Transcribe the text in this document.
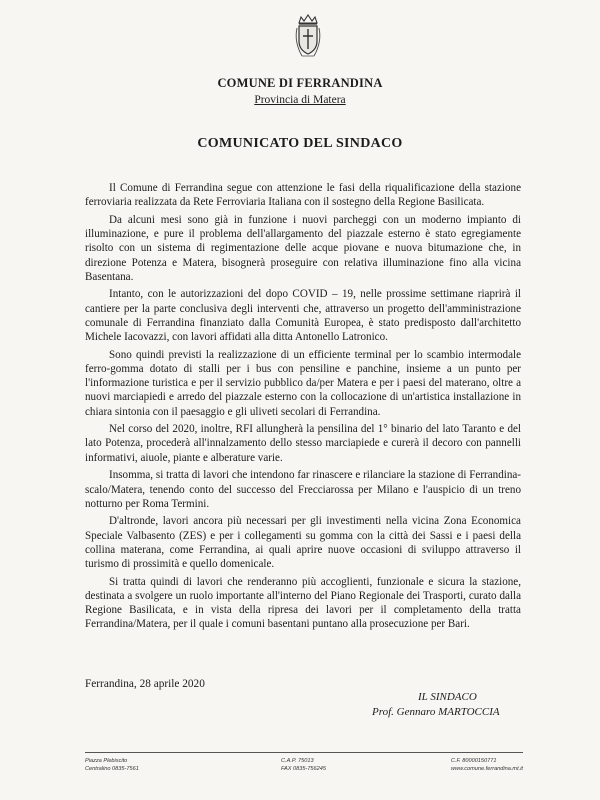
COMUNE DI FERRANDINA
Provincia di Matera
COMUNICATO DEL SINDACO

Il Comune di Ferrandina segue con attenzione le fasi della riqualificazione della stazione ferroviaria realizzata da Rete Ferroviaria Italiana con il sostegno della Regione Basilicata.

Da alcuni mesi sono già in funzione i nuovi parcheggi con un moderno impianto di illuminazione, e pure il problema dell'allargamento del piazzale esterno è stato egregiamente risolto con un sistema di regimentazione delle acque piovane e nuova bitumazione che, in direzione Potenza e Matera, bisognerà proseguire con relativa illuminazione fino alla vicina Basentana.

Intanto, con le autorizzazioni del dopo COVID – 19, nelle prossime settimane riaprirà il cantiere per la parte conclusiva degli interventi che, attraverso un progetto dell'amministrazione comunale di Ferrandina finanziato dalla Comunità Europea, è stato predisposto dall'architetto Michele Iacovazzi, con lavori affidati alla ditta Antonello Latronico.

Sono quindi previsti la realizzazione di un efficiente terminal per lo scambio intermodale ferro-gomma dotato di stalli per i bus con pensiline e panchine, insieme a un punto per l'informazione turistica e per il servizio pubblico da/per Matera e per i paesi del materano, oltre a nuovi marciapiedi e arredo del piazzale esterno con la collocazione di un'artistica installazione in chiara sintonia con il paesaggio e gli uliveti secolari di Ferrandina.

Nel corso del 2020, inoltre, RFI allungherà la pensilina del 1° binario del lato Taranto e del lato Potenza, procederà all'innalzamento dello stesso marciapiede e curerà il decoro con pannelli informativi, aiuole, piante e alberature varie.

Insomma, si tratta di lavori che intendono far rinascere e rilanciare la stazione di Ferrandina-scalo/Matera, tenendo conto del successo del Frecciarossa per Milano e l'auspicio di un treno notturno per Roma Termini.

D'altronde, lavori ancora più necessari per gli investimenti nella vicina Zona Economica Speciale Valbasento (ZES) e per i collegamenti su gomma con la città dei Sassi e i paesi della collina materana, come Ferrandina, ai quali aprire nuove occasioni di sviluppo attraverso il turismo di prossimità e quello domenicale.

Si tratta quindi di lavori che renderanno più accoglienti, funzionale e sicura la stazione, destinata a svolgere un ruolo importante all'interno del Piano Regionale dei Trasporti, curato dalla Regione Basilicata, e in vista della ripresa dei lavori per il completamento della tratta Ferrandina/Matera, per il quale i comuni basentani puntano alla prosecuzione per Bari.

Ferrandina, 28 aprile 2020
IL SINDACO
Prof. Gennaro MARTOCCIA
Piazza Plebiscito
Centralino 0835-7561
C.A.P. 75013
FAX 0835-756245
C.F. 80000150771
www.comune.ferrandina.mt.it
